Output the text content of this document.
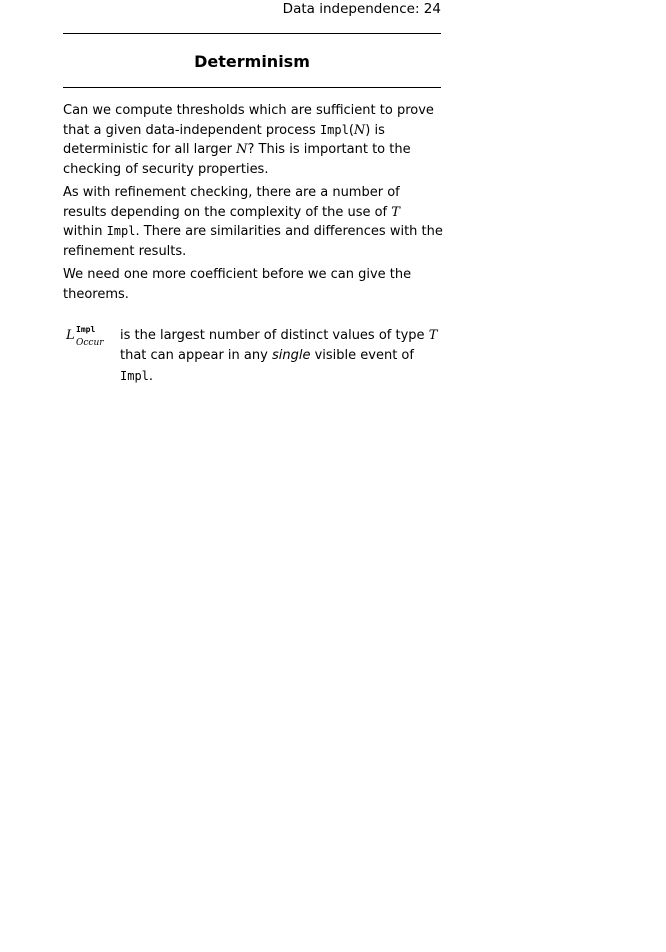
Data independence: 24
Determinism

Can we compute thresholds which are sufficient to prove that a given data-independent process Impl(N) is deterministic for all larger N? This is important to the checking of security properties.

As with refinement checking, there are a number of results depending on the complexity of the use of T within Impl. There are similarities and differences with the refinement results.

We need one more coefficient before we can give the theorems.

L Impl
Occur is the largest number of distinct values of type T that can appear in any single visible event of Impl.
